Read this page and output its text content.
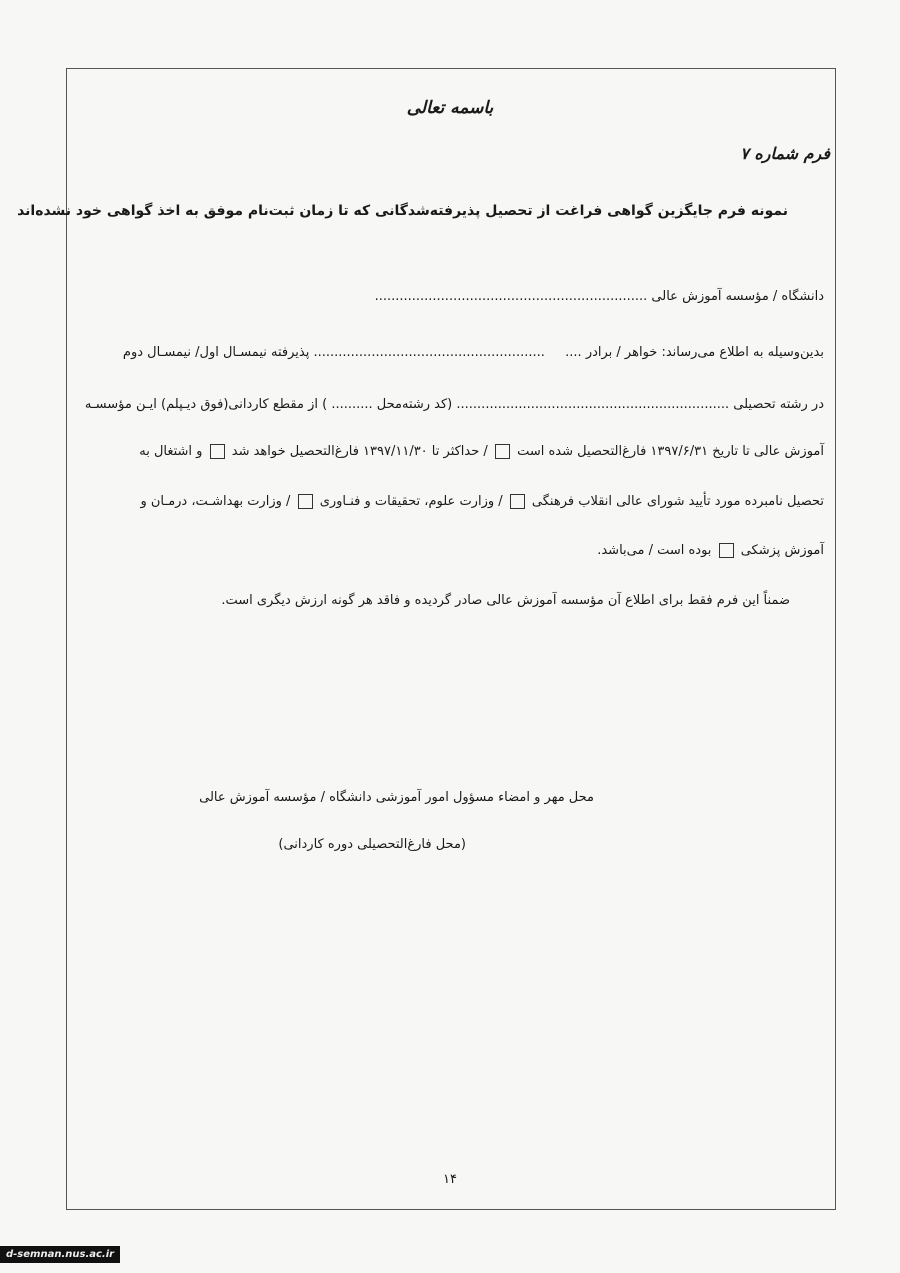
باسمه تعالی
فرم شماره ۷
نمونه فرم جایگزین گواهی فراغت از تحصیل پذیرفته‌شدگانی که تا زمان ثبت‌نام موفق به اخذ گواهی خود نشده‌اند
دانشگاه / مؤسسه آموزش عالی ..................................................................
بدین‌وسیله به اطلاع می‌رساند: خواهر / برادر ....  ........................................................ پذیرفته نیمسـال اول/ نیمسـال دوم
در رشته تحصیلی .................................................................. (کد رشته‌محل .......... ) از مقطع کاردانی(فوق دیـپلم) ایـن مؤسسـه
آموزش عالی تا تاریخ ۱۳۹۷/۶/۳۱ فارغ‌التحصیل شده است  / حداکثر تا ۱۳۹۷/۱۱/۳۰ فارغ‌التحصیل خواهد شد  و اشتغال به
تحصیل نامبرده مورد تأیید شورای عالی انقلاب فرهنگی  / وزارت علوم، تحقیقات و فنـاوری  / وزارت بهداشـت، درمـان و
آموزش پزشکی  بوده است / می‌باشد.
ضمناً این فرم فقط برای اطلاع آن مؤسسه آموزش عالی صادر گردیده و فاقد هر گونه ارزش دیگری است.
محل مهر و امضاء مسؤول امور آموزشی دانشگاه / مؤسسه آموزش عالی
(محل فارغ‌التحصیلی دوره کاردانی)
۱۴
d-semnan.nus.ac.ir
